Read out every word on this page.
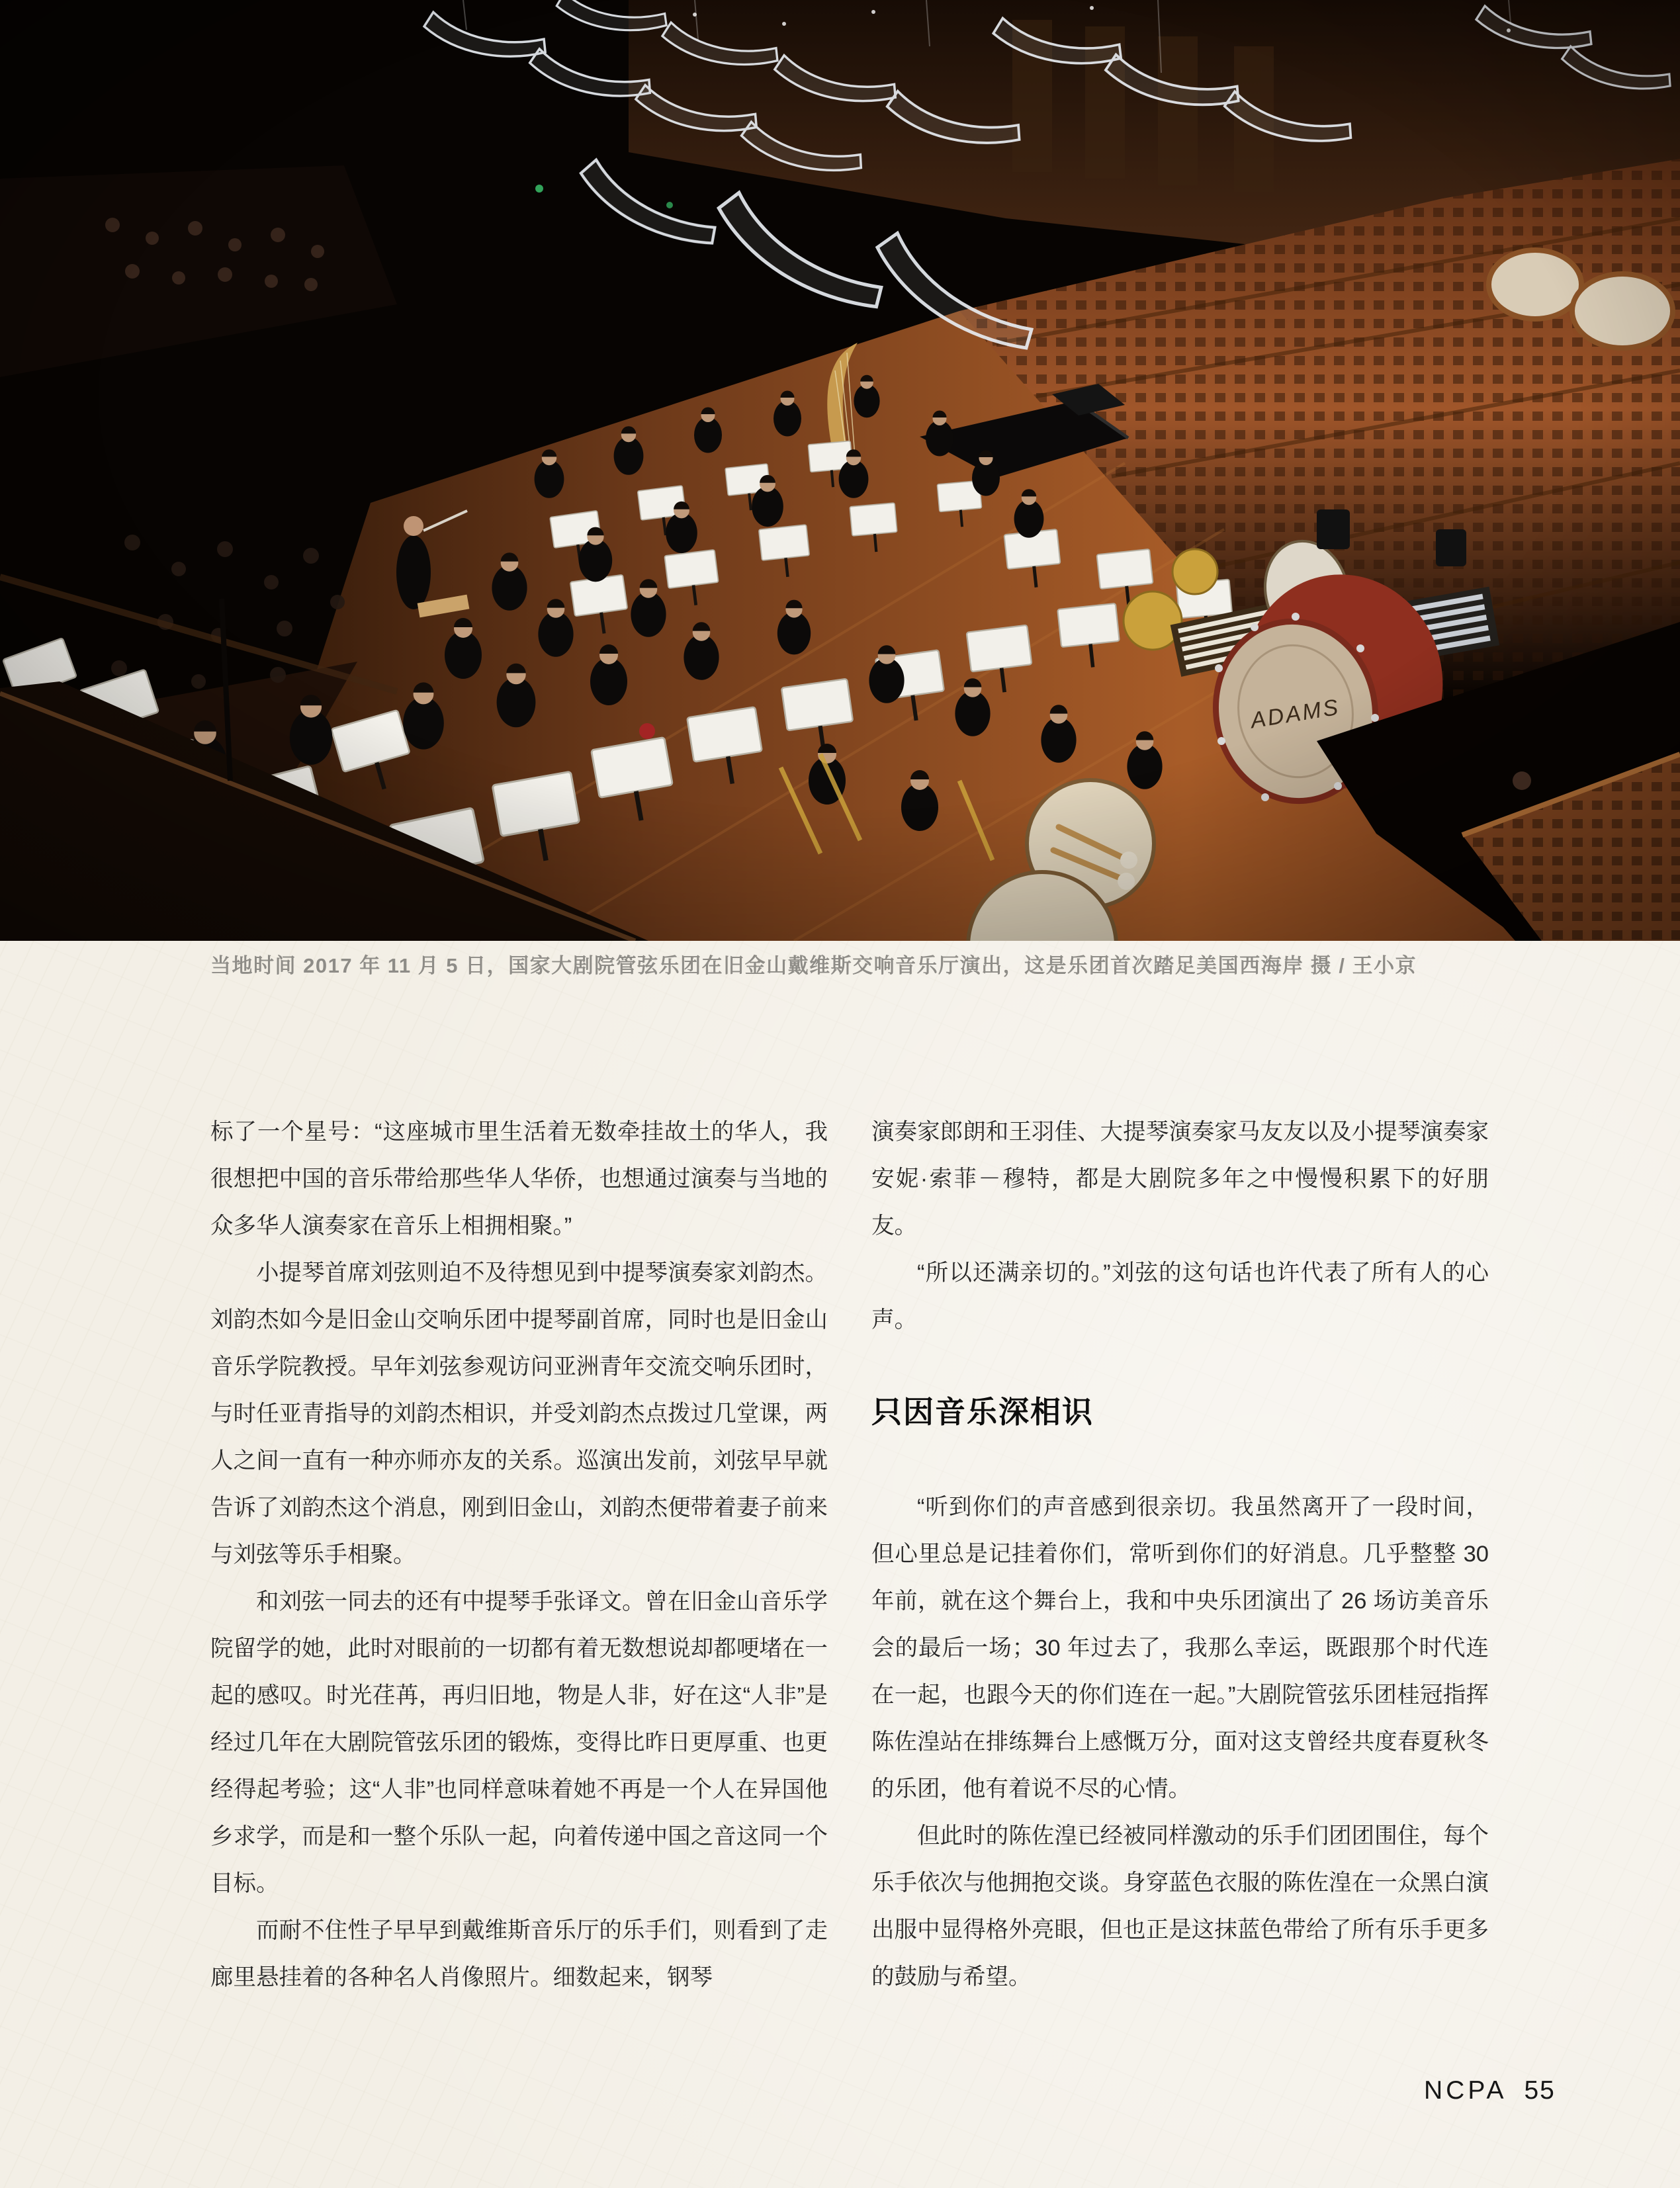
当地时间 2017 年 11 月 5 日，国家大剧院管弦乐团在旧金山戴维斯交响音乐厅演出，这是乐团首次踏足美国西海岸 摄 / 王小京

标了一个星号：“这座城市里生活着无数牵挂故土的华人，我很想把中国的音乐带给那些华人华侨，也想通过演奏与当地的众多华人演奏家在音乐上相拥相聚。”

小提琴首席刘弦则迫不及待想见到中提琴演奏家刘韵杰。刘韵杰如今是旧金山交响乐团中提琴副首席，同时也是旧金山音乐学院教授。早年刘弦参观访问亚洲青年交流交响乐团时，与时任亚青指导的刘韵杰相识，并受刘韵杰点拨过几堂课，两人之间一直有一种亦师亦友的关系。巡演出发前，刘弦早早就告诉了刘韵杰这个消息，刚到旧金山，刘韵杰便带着妻子前来与刘弦等乐手相聚。

和刘弦一同去的还有中提琴手张译文。曾在旧金山音乐学院留学的她，此时对眼前的一切都有着无数想说却都哽堵在一起的感叹。时光荏苒，再归旧地，物是人非，好在这“人非”是经过几年在大剧院管弦乐团的锻炼，变得比昨日更厚重、也更经得起考验；这“人非”也同样意味着她不再是一个人在异国他乡求学，而是和一整个乐队一起，向着传递中国之音这同一个目标。

而耐不住性子早早到戴维斯音乐厅的乐手们，则看到了走廊里悬挂着的各种名人肖像照片。细数起来，钢琴

演奏家郎朗和王羽佳、大提琴演奏家马友友以及小提琴演奏家安妮·索菲－穆特，都是大剧院多年之中慢慢积累下的好朋友。

“所以还满亲切的。”刘弦的这句话也许代表了所有人的心声。

只因音乐深相识

“听到你们的声音感到很亲切。我虽然离开了一段时间，但心里总是记挂着你们，常听到你们的好消息。几乎整整 30 年前，就在这个舞台上，我和中央乐团演出了 26 场访美音乐会的最后一场；30 年过去了，我那么幸运，既跟那个时代连在一起，也跟今天的你们连在一起。”大剧院管弦乐团桂冠指挥陈佐湟站在排练舞台上感慨万分，面对这支曾经共度春夏秋冬的乐团，他有着说不尽的心情。

但此时的陈佐湟已经被同样激动的乐手们团团围住，每个乐手依次与他拥抱交谈。身穿蓝色衣服的陈佐湟在一众黑白演出服中显得格外亮眼，但也正是这抹蓝色带给了所有乐手更多的鼓励与希望。

NCPA 55
